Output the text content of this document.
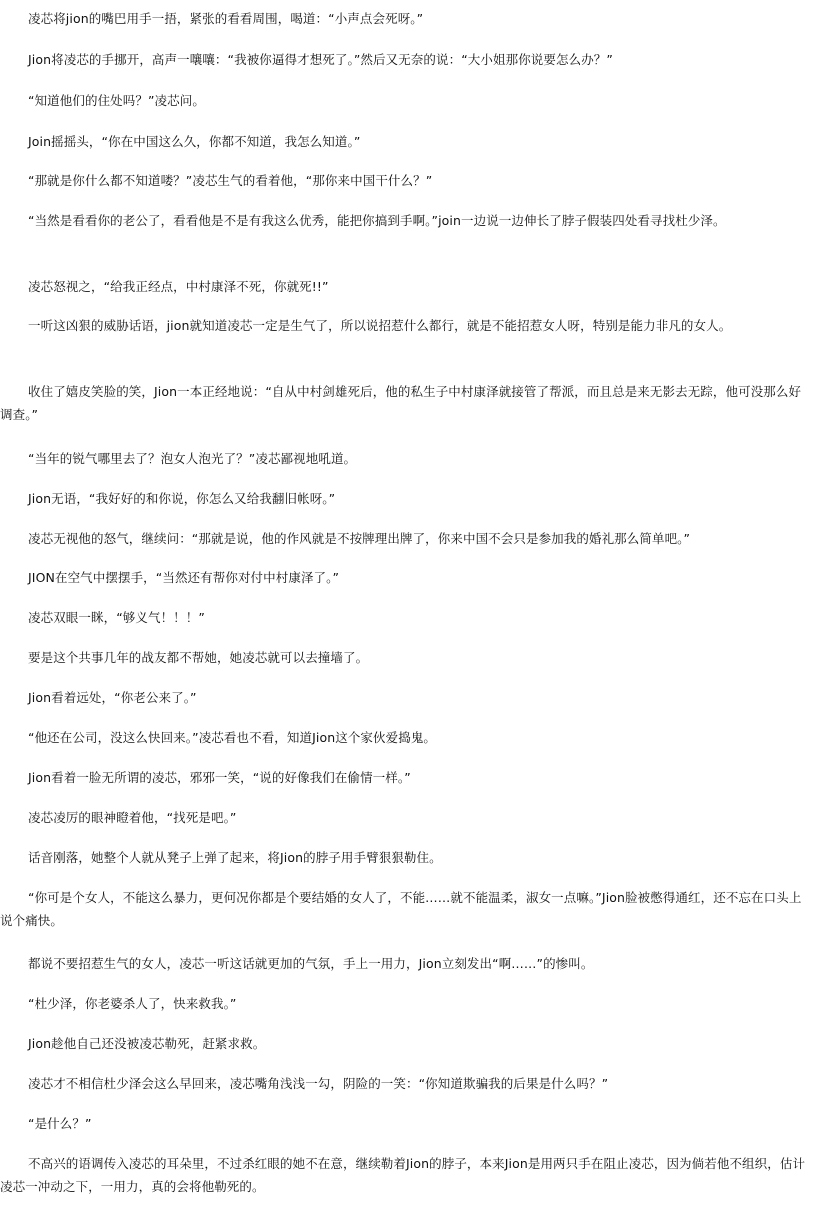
凌芯将jion的嘴巴用手一捂，紧张的看看周围，喝道：“小声点会死呀。”

Jion将凌芯的手挪开，高声一嚷嚷：“我被你逼得才想死了。”然后又无奈的说：“大小姐那你说要怎么办？”

“知道他们的住处吗？”凌芯问。

Join摇摇头，“你在中国这么久，你都不知道，我怎么知道。”

“那就是你什么都不知道喽？”凌芯生气的看着他，“那你来中国干什么？”

“当然是看看你的老公了，看看他是不是有我这么优秀，能把你搞到手啊。”join一边说一边伸长了脖子假装四处看寻找杜少泽。

凌芯怒视之，“给我正经点，中村康泽不死，你就死!!”

一听这凶狠的威胁话语，jion就知道凌芯一定是生气了，所以说招惹什么都行，就是不能招惹女人呀，特别是能力非凡的女人。

收住了嬉皮笑脸的笑，Jion一本正经地说：“自从中村剑雄死后，他的私生子中村康泽就接管了帮派，而且总是来无影去无踪，他可没那么好调查。”

“当年的锐气哪里去了？泡女人泡光了？”凌芯鄙视地吼道。

Jion无语，“我好好的和你说，你怎么又给我翻旧帐呀。”

凌芯无视他的怒气，继续问：“那就是说，他的作风就是不按牌理出牌了，你来中国不会只是参加我的婚礼那么简单吧。”

JION在空气中摆摆手，“当然还有帮你对付中村康泽了。”

凌芯双眼一眯，“够义气！！！”

要是这个共事几年的战友都不帮她，她凌芯就可以去撞墙了。

Jion看着远处，“你老公来了。”

“他还在公司，没这么快回来。”凌芯看也不看，知道Jion这个家伙爱捣鬼。

Jion看着一脸无所谓的凌芯，邪邪一笑，“说的好像我们在偷情一样。”

凌芯凌厉的眼神瞪着他，“找死是吧。”

话音刚落，她整个人就从凳子上弹了起来，将Jion的脖子用手臂狠狠勒住。

“你可是个女人，不能这么暴力，更何况你都是个要结婚的女人了，不能……就不能温柔，淑女一点嘛。”Jion脸被憋得通红，还不忘在口头上说个痛快。

都说不要招惹生气的女人，凌芯一听这话就更加的气氛，手上一用力，Jion立刻发出“啊……”的惨叫。

“杜少泽，你老婆杀人了，快来救我。”

Jion趁他自己还没被凌芯勒死，赶紧求救。

凌芯才不相信杜少泽会这么早回来，凌芯嘴角浅浅一勾，阴险的一笑：“你知道欺骗我的后果是什么吗？”

“是什么？”

不高兴的语调传入凌芯的耳朵里，不过杀红眼的她不在意，继续勒着Jion的脖子，本来Jion是用两只手在阻止凌芯，因为倘若他不组织，估计凌芯一冲动之下，一用力，真的会将他勒死的。
